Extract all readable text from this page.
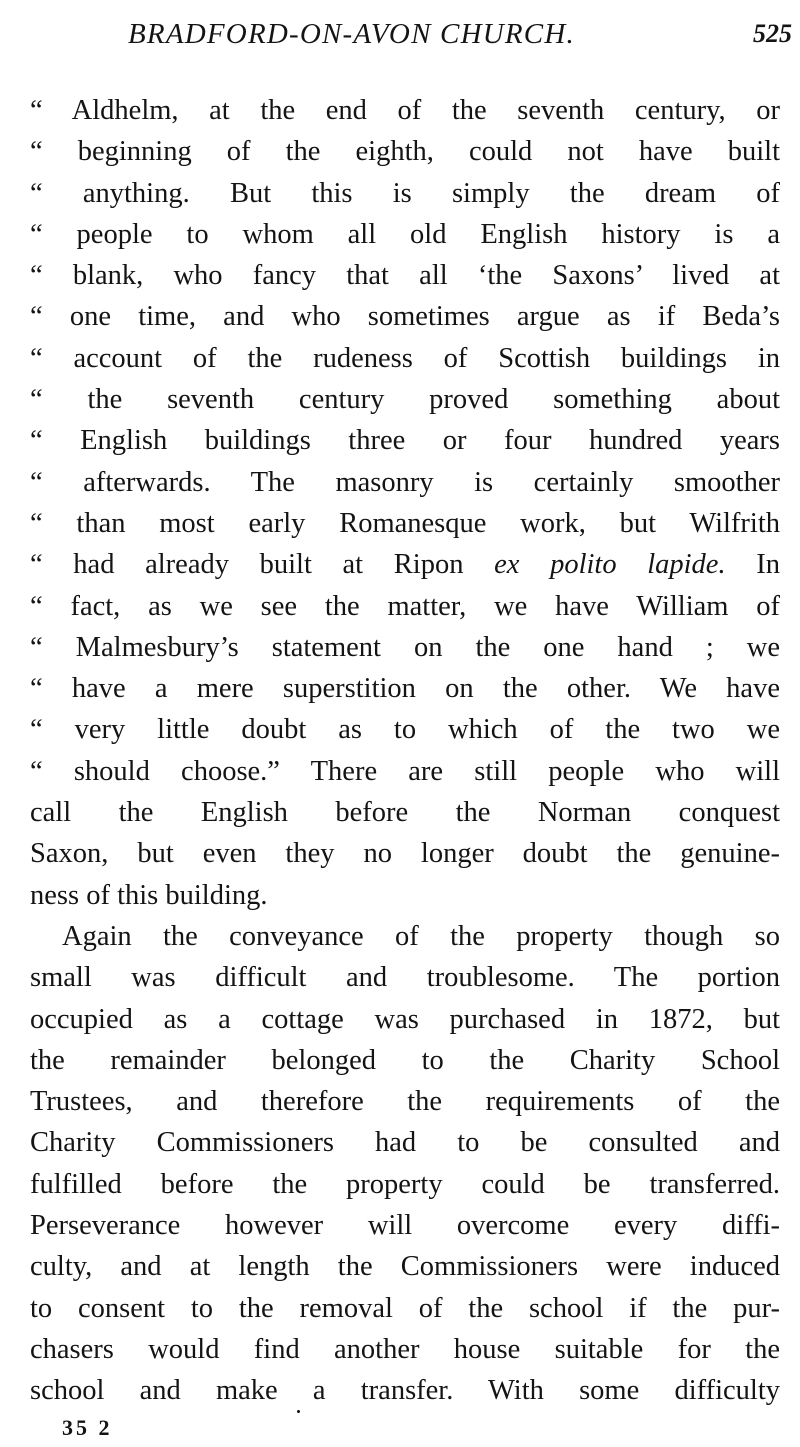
BRADFORD-ON-AVON CHURCH.	525
“ Aldhelm, at the end of the seventh century, or
“ beginning of the eighth, could not have built
“ anything. But this is simply the dream of
“ people to whom all old English history is a
“ blank, who fancy that all ‘the Saxons’ lived at
“ one time, and who sometimes argue as if Beda’s
“ account of the rudeness of Scottish buildings in
“ the seventh century proved something about
“ English buildings three or four hundred years
“ afterwards. The masonry is certainly smoother
“ than most early Romanesque work, but Wilfrith
“ had already built at Ripon ex polito lapide. In
“ fact, as we see the matter, we have William of
“ Malmesbury’s statement on the one hand ; we
“ have a mere superstition on the other. We have
“ very little doubt as to which of the two we
“ should choose.” There are still people who will
call the English before the Norman conquest
Saxon, but even they no longer doubt the genuine-
ness of this building.
Again the conveyance of the property though so
small was difficult and troublesome. The portion
occupied as a cottage was purchased in 1872, but
the remainder belonged to the Charity School
Trustees, and therefore the requirements of the
Charity Commissioners had to be consulted and
fulfilled before the property could be transferred.
Perseverance however will overcome every diffi-
culty, and at length the Commissioners were induced
to consent to the removal of the school if the pur-
chasers would find another house suitable for the
school and make a transfer. With some difficulty
35 2
